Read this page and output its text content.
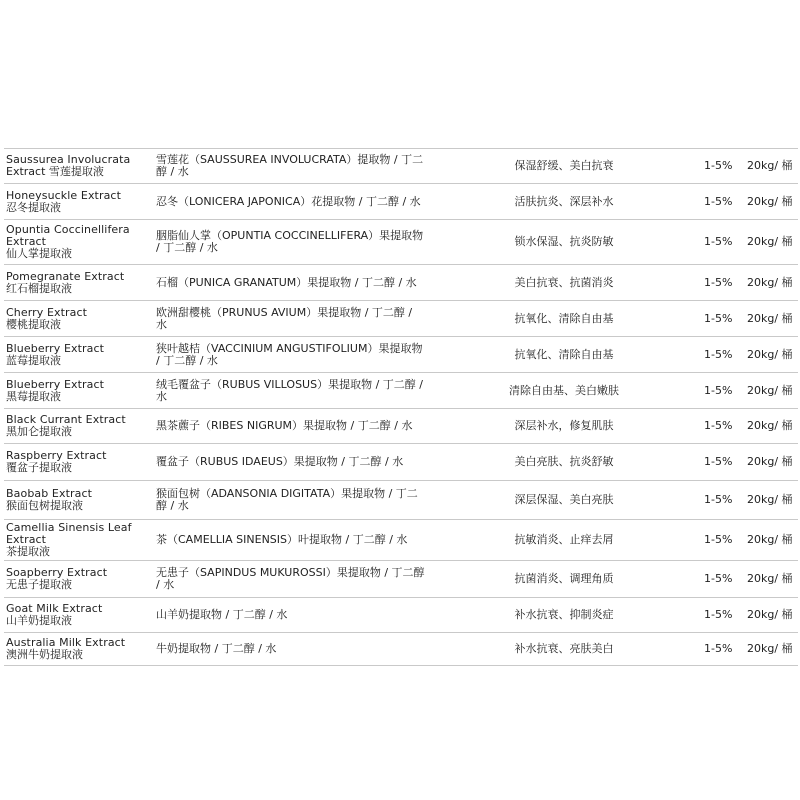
Saussurea Involucrata
Extract 雪莲提取液
雪莲花（SAUSSUREA INVOLUCRATA）提取物 / 丁二醇 / 水	保湿舒缓、美白抗衰	1-5% 20kg/ 桶
Honeysuckle Extract
忍冬提取液	忍冬（LONICERA JAPONICA）花提取物 / 丁二醇 / 水	活肤抗炎、深层补水	1-5% 20kg/ 桶
Opuntia Coccinellifera Extract
仙人掌提取液
胭脂仙人掌（OPUNTIA COCCINELLIFERA）果提取物 / 丁二醇 / 水	锁水保湿、抗炎防敏	1-5% 20kg/ 桶
Pomegranate Extract
红石榴提取液	石榴（PUNICA GRANATUM）果提取物 / 丁二醇 / 水	美白抗衰、抗菌消炎	1-5% 20kg/ 桶
Cherry Extract
樱桃提取液
欧洲甜樱桃（PRUNUS AVIUM）果提取物 / 丁二醇 / 水	抗氧化、清除自由基	1-5% 20kg/ 桶
Blueberry Extract
蓝莓提取液
狭叶越桔（VACCINIUM ANGUSTIFOLIUM）果提取物 / 丁二醇 / 水	抗氧化、清除自由基	1-5% 20kg/ 桶
Blueberry Extract
黑莓提取液
绒毛覆盆子（RUBUS VILLOSUS）果提取物 / 丁二醇 / 水	清除自由基、美白嫩肤	1-5% 20kg/ 桶
Black Currant Extract
黑加仑提取液	黑茶藨子（RIBES NIGRUM）果提取物 / 丁二醇 / 水	深层补水，修复肌肤	1-5% 20kg/ 桶
Raspberry Extract
覆盆子提取液	覆盆子（RUBUS IDAEUS）果提取物 / 丁二醇 / 水	美白亮肤、抗炎舒敏	1-5% 20kg/ 桶
Baobab Extract
猴面包树提取液
猴面包树（ADANSONIA DIGITATA）果提取物 / 丁二醇 / 水	深层保湿、美白亮肤	1-5% 20kg/ 桶
Camellia Sinensis Leaf Extract
茶提取液
茶（CAMELLIA SINENSIS）叶提取物 / 丁二醇 / 水	抗敏消炎、止痒去屑	1-5% 20kg/ 桶
Soapberry Extract
无患子提取液
无患子（SAPINDUS MUKUROSSI）果提取物 / 丁二醇 / 水	抗菌消炎、调理角质	1-5% 20kg/ 桶
Goat Milk Extract
山羊奶提取液	山羊奶提取物 / 丁二醇 / 水	补水抗衰、抑制炎症	1-5% 20kg/ 桶
Australia Milk Extract
澳洲牛奶提取液	牛奶提取物 / 丁二醇 / 水	补水抗衰、亮肤美白	1-5% 20kg/ 桶
